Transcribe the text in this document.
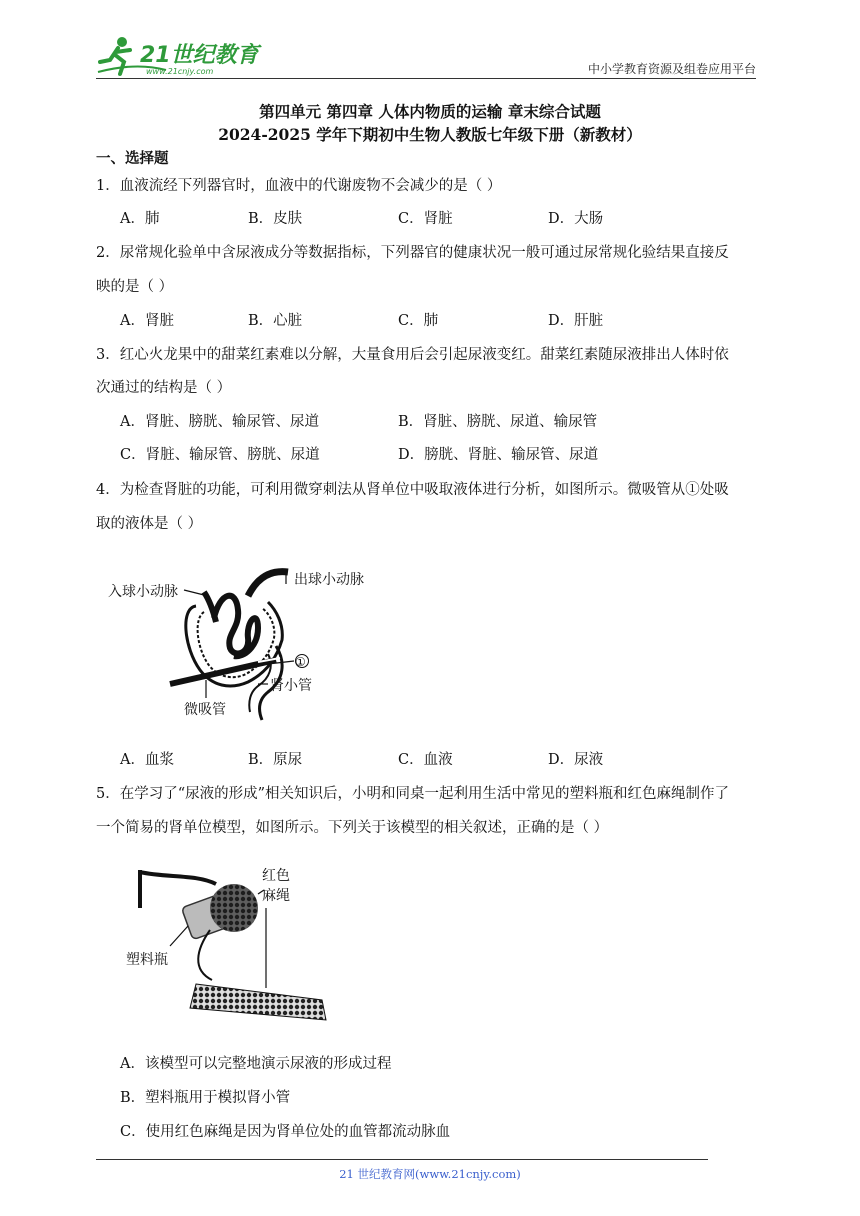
21世纪教育
www.21cnjy.com	中小学教育资源及组卷应用平台
第四单元 第四章 人体内物质的运输 章末综合试题
2024-2025 学年下期初中生物人教版七年级下册（新教材）
一、选择题
1．血液流经下列器官时，血液中的代谢废物不会减少的是（ ）
A．肺	B．皮肤	C．肾脏	D．大肠
2．尿常规化验单中含尿液成分等数据指标，下列器官的健康状况一般可通过尿常规化验结果直接反
映的是（ ）
A．肾脏	B．心脏	C．肺	D．肝脏
3．红心火龙果中的甜菜红素难以分解，大量食用后会引起尿液变红。甜菜红素随尿液排出人体时依
次通过的结构是（ ）
A．肾脏、膀胱、输尿管、尿道	B．肾脏、膀胱、尿道、输尿管
C．肾脏、输尿管、膀胱、尿道	D．膀胱、肾脏、输尿管、尿道
4．为检查肾脏的功能，可利用微穿刺法从肾单位中吸取液体进行分析，如图所示。微吸管从①处吸
取的液体是（ ）
入球小动脉
出球小动脉
①
肾小管
微吸管
A．血浆	B．原尿	C．血液	D．尿液
5．在学习了“尿液的形成”相关知识后，小明和同桌一起利用生活中常见的塑料瓶和红色麻绳制作了
一个简易的肾单位模型，如图所示。下列关于该模型的相关叙述，正确的是（ ）
红色
麻绳
塑料瓶
A．该模型可以完整地演示尿液的形成过程
B．塑料瓶用于模拟肾小管
C．使用红色麻绳是因为肾单位处的血管都流动脉血
21 世纪教育网(www.21cnjy.com)
